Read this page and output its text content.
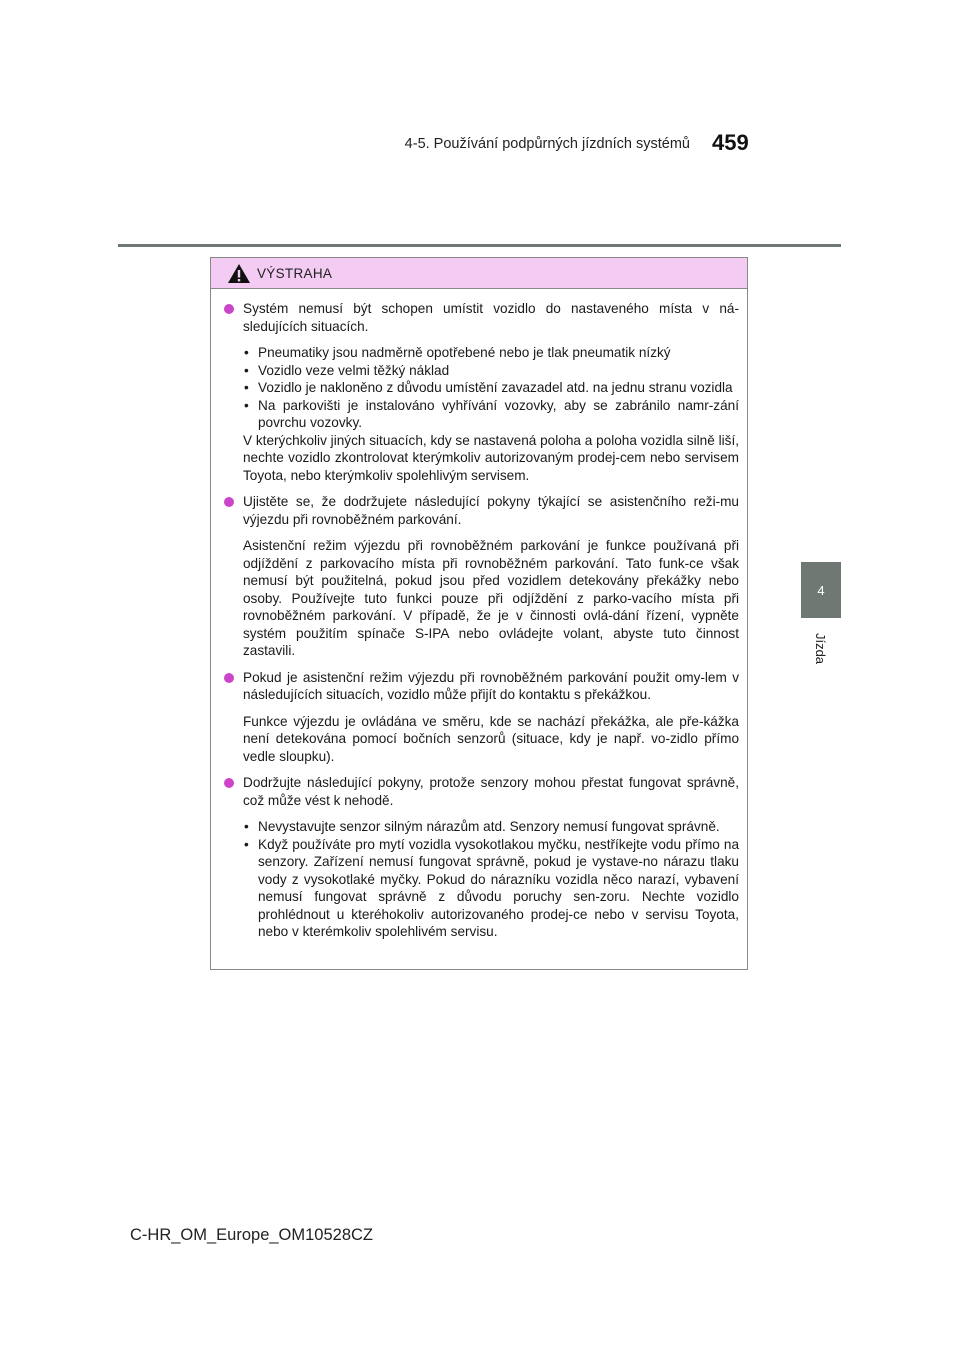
4-5. Používání podpůrných jízdních systémů 459
4
Jízda
VÝSTRAHA
Systém nemusí být schopen umístit vozidlo do nastaveného místa v ná-sledujících situacích.
• Pneumatiky jsou nadměrně opotřebené nebo je tlak pneumatik nízký
• Vozidlo veze velmi těžký náklad
• Vozidlo je nakloněno z důvodu umístění zavazadel atd. na jednu stranu vozidla
• Na parkovišti je instalováno vyhřívání vozovky, aby se zabránilo namr-zání povrchu vozovky.
V kterýchkoliv jiných situacích, kdy se nastavená poloha a poloha vozidla silně liší, nechte vozidlo zkontrolovat kterýmkoliv autorizovaným prodej-cem nebo servisem Toyota, nebo kterýmkoliv spolehlivým servisem.
Ujistěte se, že dodržujete následující pokyny týkající se asistenčního reži-mu výjezdu při rovnoběžném parkování.
Asistenční režim výjezdu při rovnoběžném parkování je funkce používaná při odjíždění z parkovacího místa při rovnoběžném parkování. Tato funk-ce však nemusí být použitelná, pokud jsou před vozidlem detekovány překážky nebo osoby. Používejte tuto funkci pouze při odjíždění z parko-vacího místa při rovnoběžném parkování. V případě, že je v činnosti ovlá-dání řízení, vypněte systém použitím spínače S-IPA nebo ovládejte volant, abyste tuto činnost zastavili.
Pokud je asistenční režim výjezdu při rovnoběžném parkování použit omy-lem v následujících situacích, vozidlo může přijít do kontaktu s překážkou.
Funkce výjezdu je ovládána ve směru, kde se nachází překážka, ale pře-kážka není detekována pomocí bočních senzorů (situace, kdy je např. vo-zidlo přímo vedle sloupku).
Dodržujte následující pokyny, protože senzory mohou přestat fungovat správně, což může vést k nehodě.
• Nevystavujte senzor silným nárazům atd. Senzory nemusí fungovat správně.
• Když používáte pro mytí vozidla vysokotlakou myčku, nestříkejte vodu přímo na senzory. Zařízení nemusí fungovat správně, pokud je vystave-no nárazu tlaku vody z vysokotlaké myčky. Pokud do nárazníku vozidla něco narazí, vybavení nemusí fungovat správně z důvodu poruchy sen-zoru. Nechte vozidlo prohlédnout u kteréhokoliv autorizovaného prodej-ce nebo v servisu Toyota, nebo v kterémkoliv spolehlivém servisu.
C-HR_OM_Europe_OM10528CZ
